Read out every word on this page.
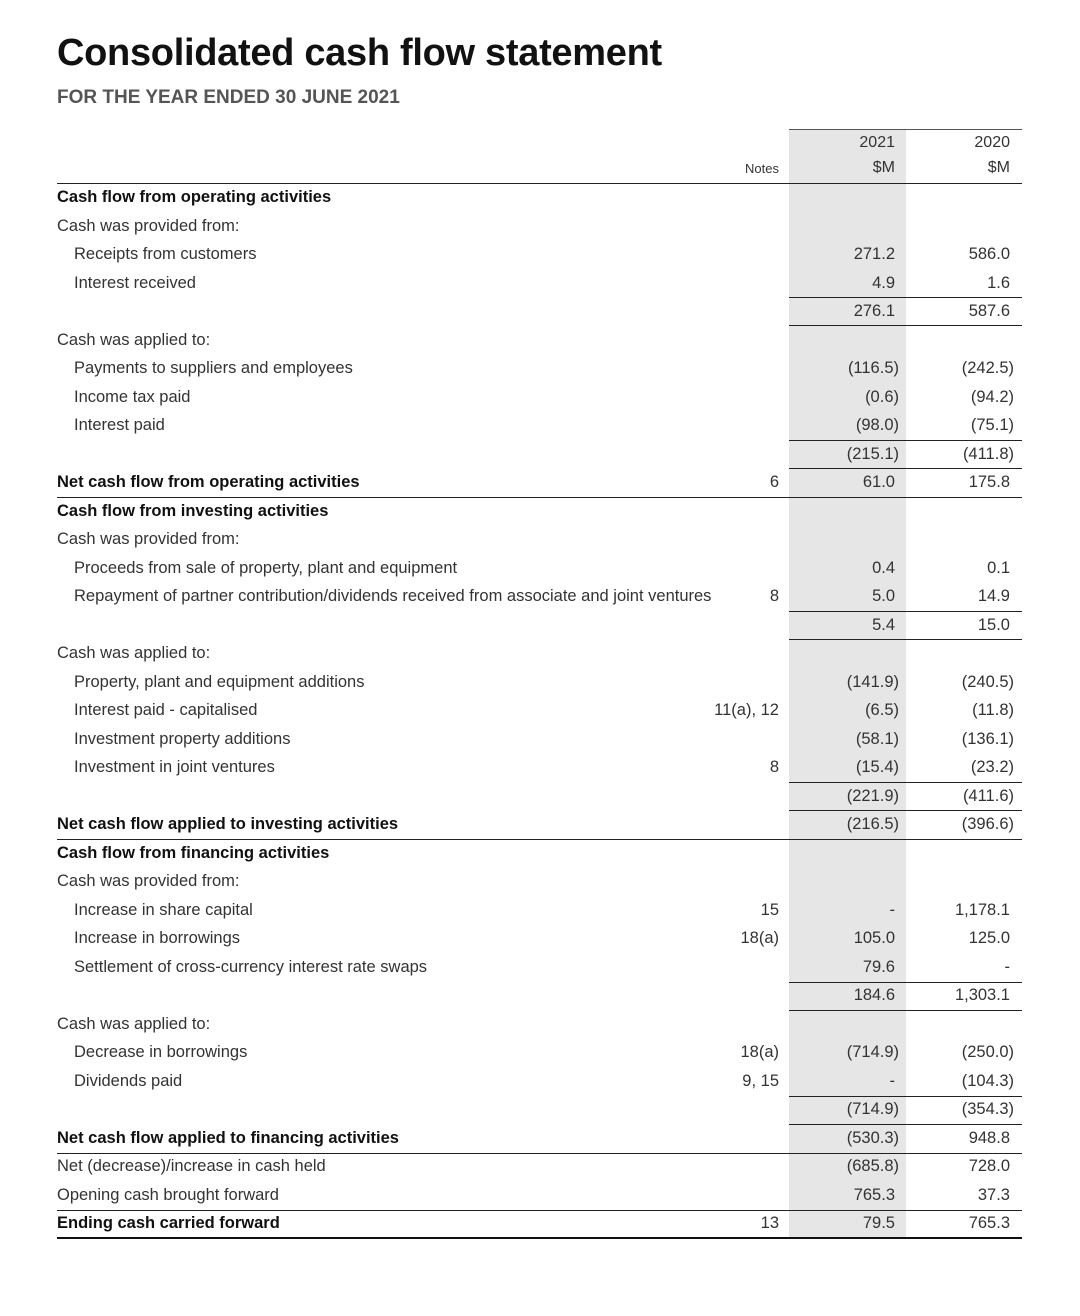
Consolidated cash flow statement
FOR THE YEAR ENDED 30 JUNE 2021
Notes
2021	2020
$M	$M
Cash flow from operating activities
Cash was provided from:
Receipts from customers	271.2	586.0
Interest received	4.9	1.6
276.1	587.6
Cash was applied to:
Payments to suppliers and employees	(116.5)	(242.5)
Income tax paid	(0.6)	(94.2)
Interest paid	(98.0)	(75.1)
(215.1)	(411.8)
Net cash flow from operating activities	6	61.0	175.8
Cash flow from investing activities
Cash was provided from:
Proceeds from sale of property, plant and equipment	0.4	0.1
Repayment of partner contribution/dividends received from associate and joint ventures	8	5.0	14.9
5.4	15.0
Cash was applied to:
Property, plant and equipment additions	(141.9)	(240.5)
Interest paid - capitalised	11(a), 12	(6.5)	(11.8)
Investment property additions	(58.1)	(136.1)
Investment in joint ventures	8	(15.4)	(23.2)
(221.9)	(411.6)
Net cash flow applied to investing activities	(216.5)	(396.6)
Cash flow from financing activities
Cash was provided from:
Increase in share capital	15	-	1,178.1
Increase in borrowings	18(a)	105.0	125.0
Settlement of cross-currency interest rate swaps	79.6	-
184.6	1,303.1
Cash was applied to:
Decrease in borrowings	18(a)	(714.9)	(250.0)
Dividends paid	9, 15	-	(104.3)
(714.9)	(354.3)
Net cash flow applied to financing activities	(530.3)	948.8
Net (decrease)/increase in cash held	(685.8)	728.0
Opening cash brought forward	765.3	37.3
Ending cash carried forward	13	79.5	765.3
